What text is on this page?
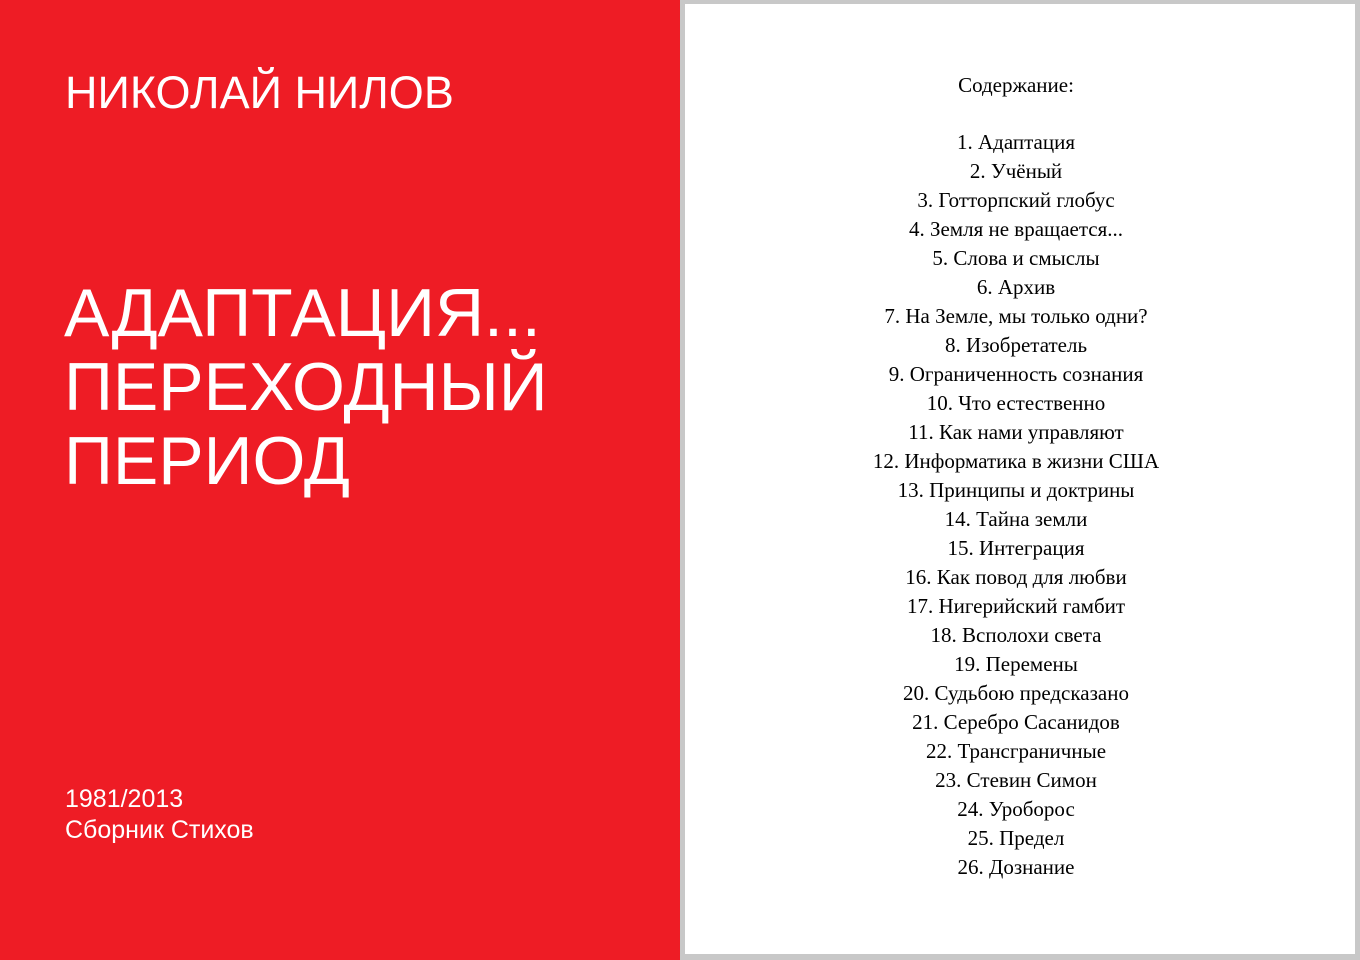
НИКОЛАЙ НИЛОВ
АДАПТАЦИЯ...
ПЕРЕХОДНЫЙ
ПЕРИОД
1981/2013
Сборник Стихов
Содержание:
1. Адаптация
2. Учёный
3. Готторпский глобус
4. Земля не вращается...
5. Слова и смыслы
6. Архив
7. На Земле, мы только одни?
8. Изобретатель
9. Ограниченность сознания
10. Что естественно
11. Как нами управляют
12. Информатика в жизни США
13. Принципы и доктрины
14. Тайна земли
15. Интеграция
16. Как повод для любви
17. Нигерийский гамбит
18. Всполохи света
19. Перемены
20. Судьбою предсказано
21. Серебро Сасанидов
22. Трансграничные
23. Стевин Симон
24. Уроборос
25. Предел
26. Дознание
